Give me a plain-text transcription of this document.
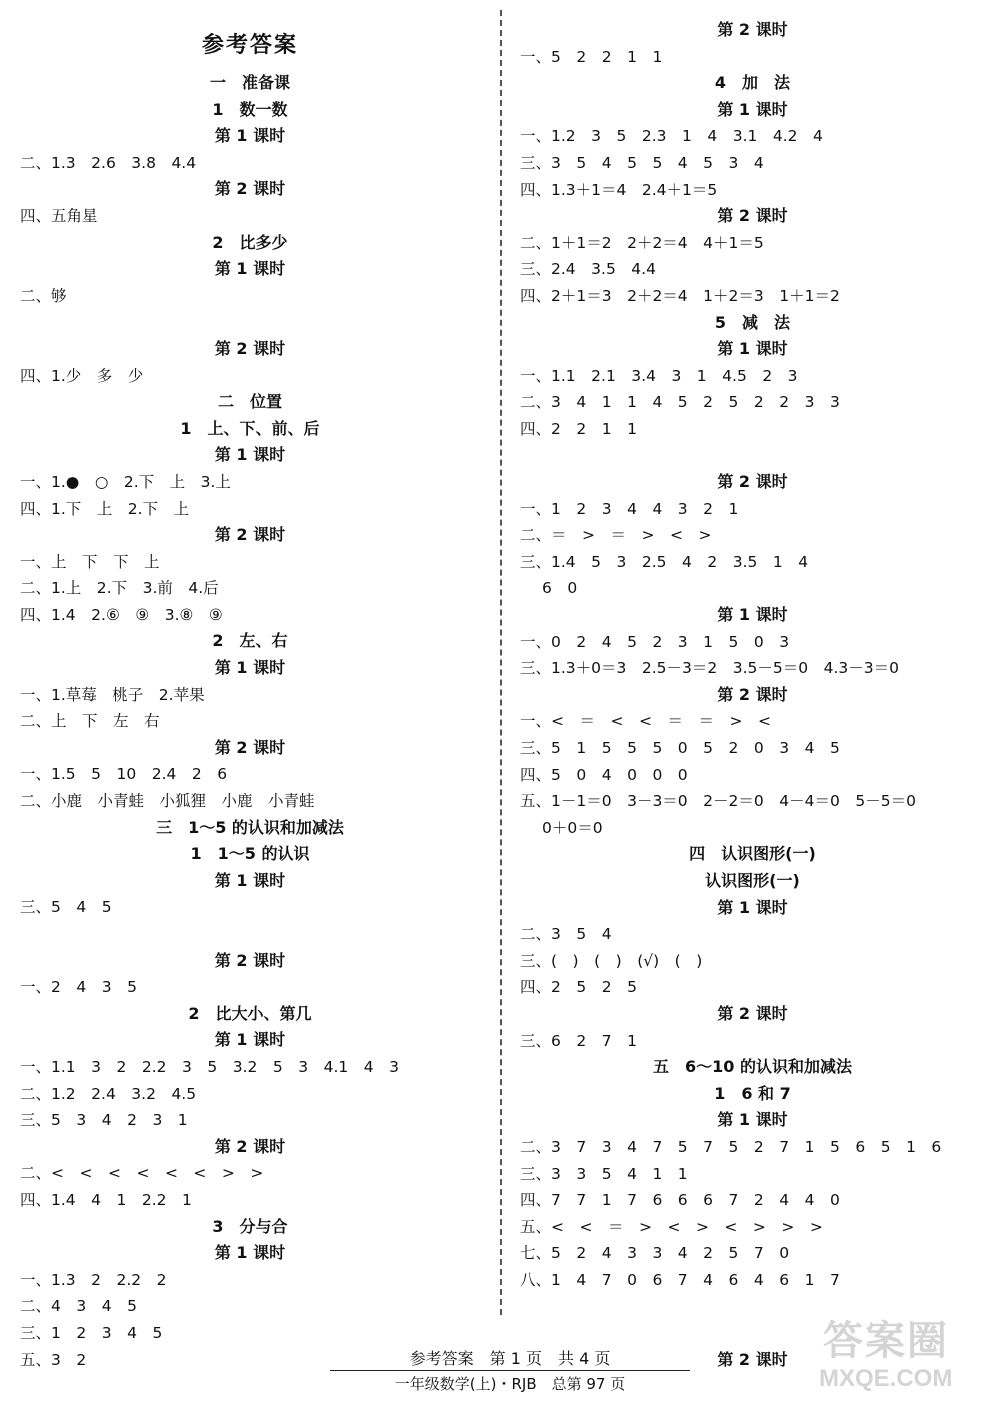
参考答案
一　准备课
1　数一数
第 1 课时
二、1.3　2.6　3.8　4.4
第 2 课时
四、五角星
2　比多少
第 1 课时
二、够
第 2 课时
四、1.少　多　少
二　位置
1　上、下、前、后
第 1 课时
一、1.●　○　2.下　上　3.上
四、1.下　上　2.下　上
第 2 课时
一、上　下　下　上
二、1.上　2.下　3.前　4.后
四、1.4　2.⑥　⑨　3.⑧　⑨
2　左、右
第 1 课时
一、1.草莓　桃子　2.苹果
二、上　下　左　右
第 2 课时
一、1.5　5　10　2.4　2　6
二、小鹿　小青蛙　小狐狸　小鹿　小青蛙
三　1～5 的认识和加减法
1　1～5 的认识
第 1 课时
三、5　4　5
第 2 课时
一、2　4　3　5
2　比大小、第几
第 1 课时
一、1.1　3　2　2.2　3　5　3.2　5　3　4.1　4　3
二、1.2　2.4　3.2　4.5
三、5　3　4　2　3　1
第 2 课时
二、<　<　<　<　<　<　>　>
四、1.4　4　1　2.2　1
3　分与合
第 1 课时
一、1.3　2　2.2　2
二、4　3　4　5
三、1　2　3　4　5
五、3　2
第 2 课时
一、5　2　2　1　1
4　加　法
第 1 课时
一、1.2　3　5　2.3　1　4　3.1　4.2　4
三、3　5　4　5　5　4　5　3　4
四、1.3＋1＝4　2.4＋1＝5
第 2 课时
二、1＋1＝2　2＋2＝4　4＋1＝5
三、2.4　3.5　4.4
四、2＋1＝3　2＋2＝4　1＋2＝3　1＋1＝2
5　减　法
第 1 课时
一、1.1　2.1　3.4　3　1　4.5　2　3
二、3　4　1　1　4　5　2　5　2　2　3　3
四、2　2　1　1
第 2 课时
一、1　2　3　4　4　3　2　1
二、＝　>　＝　>　<　>
三、1.4　5　3　2.5　4　2　3.5　1　4
6　0
第 1 课时
一、0　2　4　5　2　3　1　5　0　3
三、1.3＋0＝3　2.5－3＝2　3.5－5＝0　4.3－3＝0
第 2 课时
一、<　＝　<　<　＝　＝　>　<
三、5　1　5　5　5　0　5　2　0　3　4　5
四、5　0　4　0　0　0
五、1－1＝0　3－3＝0　2－2＝0　4－4＝0　5－5＝0
0＋0＝0
四　认识图形(一)
认识图形(一)
第 1 课时
二、3　5　4
三、(　)　(　)　(√)　(　)
四、2　5　2　5
第 2 课时
三、6　2　7　1
五　6～10 的认识和加减法
1　6 和 7
第 1 课时
二、3　7　3　4　7　5　7　5　2　7　1　5　6　5　1　6
三、3　3　5　4　1　1
四、7　7　1　7　6　6　6　7　2　4　4　0
五、<　<　＝　>　<　>　<　>　>　>
七、5　2　4　3　3　4　2　5　7　0
八、1　4　7　0　6　7　4　6　4　6　1　7
第 2 课时
参考答案　第 1 页　共 4 页
一年级数学(上)・RJB　总第 97 页
答案圈
MXQE.COM
